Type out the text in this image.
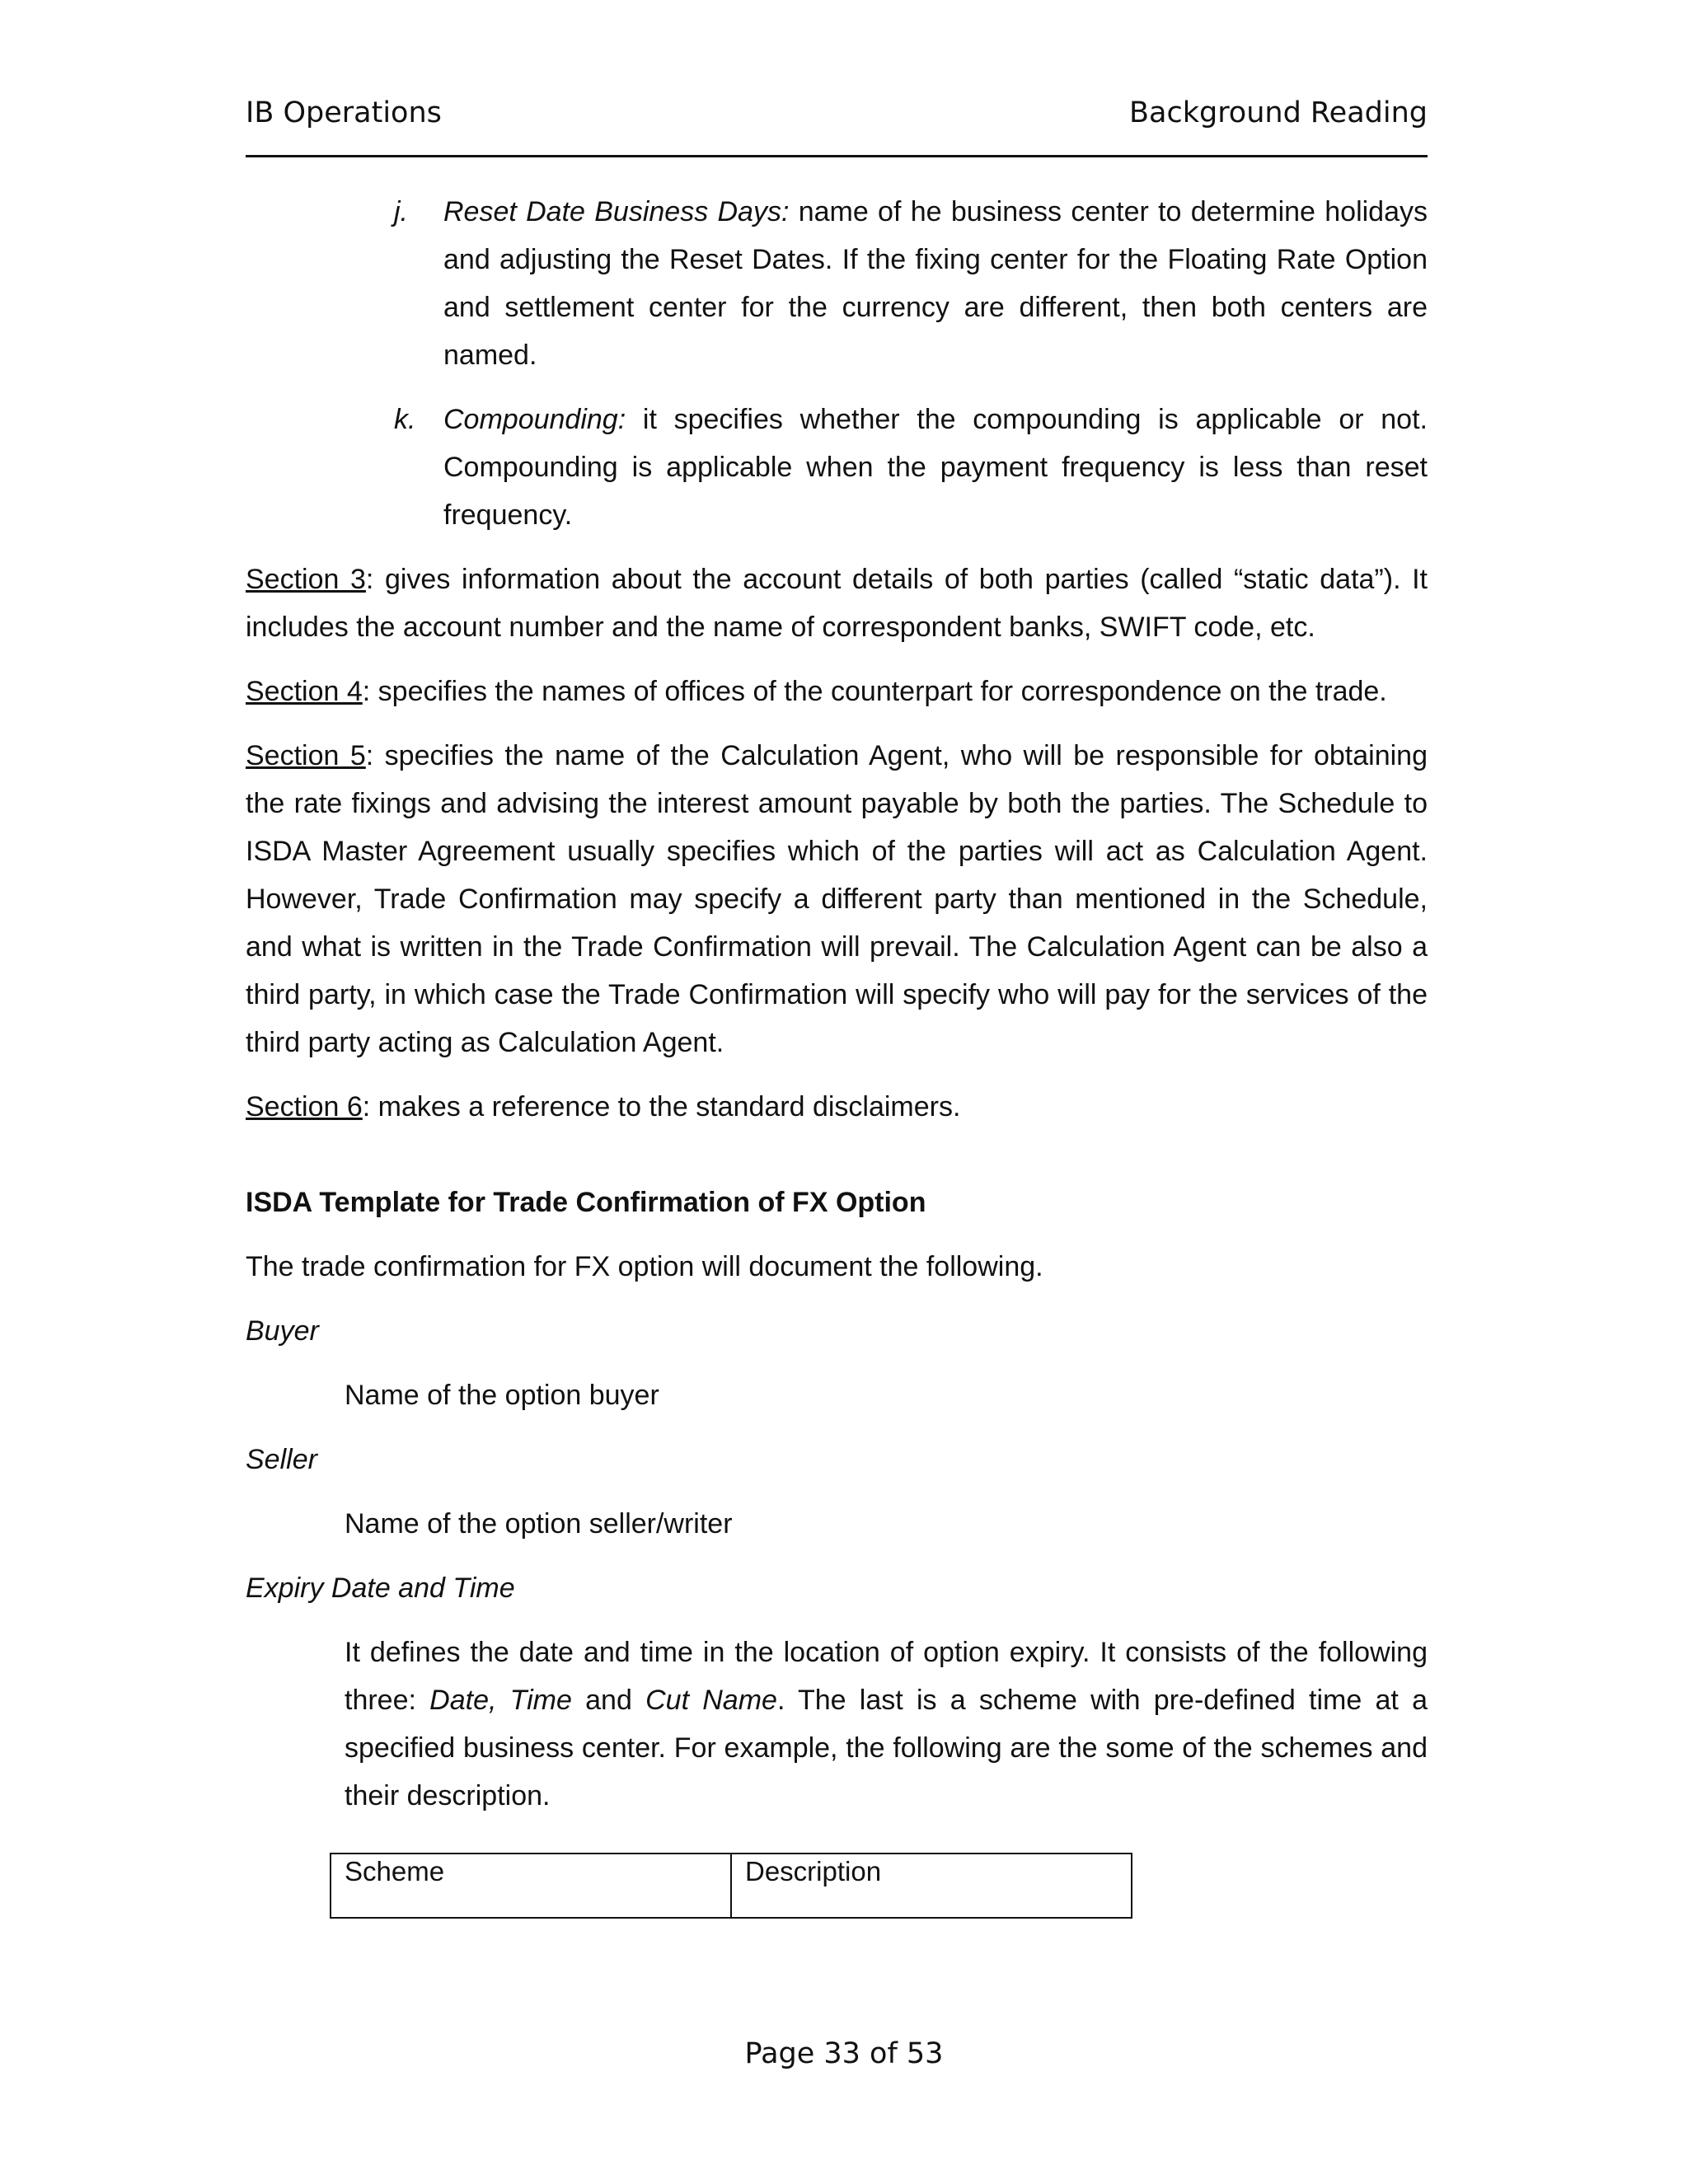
IB Operations	Background Reading
j. Reset Date Business Days: name of he business center to determine holidays and adjusting the Reset Dates. If the fixing center for the Floating Rate Option and settlement center for the currency are different, then both centers are named.
k. Compounding: it specifies whether the compounding is applicable or not. Compounding is applicable when the payment frequency is less than reset frequency.

Section 3: gives information about the account details of both parties (called “static data”). It includes the account number and the name of correspondent banks, SWIFT code, etc.

Section 4: specifies the names of offices of the counterpart for correspondence on the trade.

Section 5: specifies the name of the Calculation Agent, who will be responsible for obtaining the rate fixings and advising the interest amount payable by both the parties. The Schedule to ISDA Master Agreement usually specifies which of the parties will act as Calculation Agent. However, Trade Confirmation may specify a different party than mentioned in the Schedule, and what is written in the Trade Confirmation will prevail. The Calculation Agent can be also a third party, in which case the Trade Confirmation will specify who will pay for the services of the third party acting as Calculation Agent.

Section 6: makes a reference to the standard disclaimers.

ISDA Template for Trade Confirmation of FX Option

The trade confirmation for FX option will document the following.

Buyer

Name of the option buyer

Seller

Name of the option seller/writer

Expiry Date and Time

It defines the date and time in the location of option expiry. It consists of the following three: Date, Time and Cut Name. The last is a scheme with pre-defined time at a specified business center. For example, the following are the some of the schemes and their description.

Scheme	Description
Page 33 of 53
